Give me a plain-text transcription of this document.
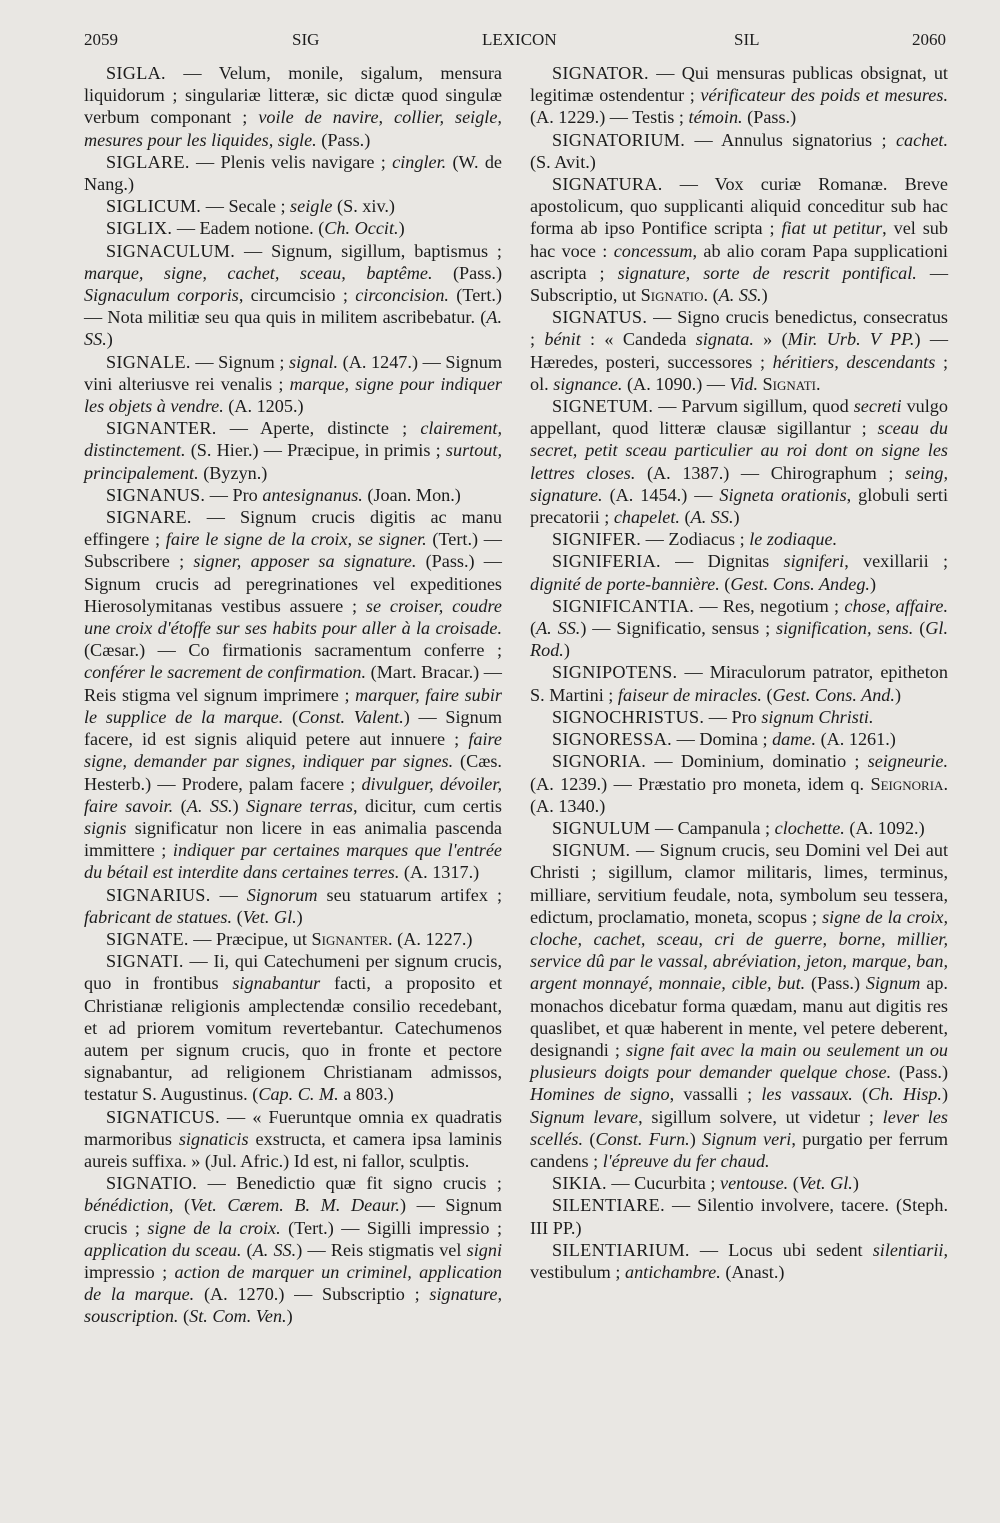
2059	SIG	LEXICON	SIL	2060

SIGLA. — Velum, monile, sigalum, mensura liquidorum ; singulariæ litteræ, sic dictæ quod singulæ verbum componant ; voile de navire, collier, seigle, mesures pour les liquides, sigle. (Pass.)

SIGLARE. — Plenis velis navigare ; cingler. (W. de Nang.)

SIGLICUM. — Secale ; seigle (S. xiv.)

SIGLIX. — Eadem notione. (Ch. Occit.)

SIGNACULUM. — Signum, sigillum, baptismus ; marque, signe, cachet, sceau, baptême. (Pass.) Signaculum corporis, circumcisio ; circoncision. (Tert.) — Nota militiæ seu qua quis in militem ascribebatur. (A. SS.)

SIGNALE. — Signum ; signal. (A. 1247.) — Signum vini alteriusve rei venalis ; marque, signe pour indiquer les objets à vendre. (A. 1205.)

SIGNANTER. — Aperte, distincte ; clairement, distinctement. (S. Hier.) — Præcipue, in primis ; surtout, principalement. (Byzyn.)

SIGNANUS. — Pro antesignanus. (Joan. Mon.)

SIGNARE. — Signum crucis digitis ac manu effingere ; faire le signe de la croix, se signer. (Tert.) — Subscribere ; signer, apposer sa signature. (Pass.) — Signum crucis ad peregrinationes vel expeditiones Hierosolymitanas vestibus assuere ; se croiser, coudre une croix d'étoffe sur ses habits pour aller à la croisade. (Cæsar.) — Co firmationis sacramentum conferre ; conférer le sacrement de confirmation. (Mart. Bracar.) — Reis stigma vel signum imprimere ; marquer, faire subir le supplice de la marque. (Const. Valent.) — Signum facere, id est signis aliquid petere aut innuere ; faire signe, demander par signes, indiquer par signes. (Cæs. Hesterb.) — Prodere, palam facere ; divulguer, dévoiler, faire savoir. (A. SS.) Signare terras, dicitur, cum certis signis significatur non licere in eas animalia pascenda immittere ; indiquer par certaines marques que l'entrée du bétail est interdite dans certaines terres. (A. 1317.)

SIGNARIUS. — Signorum seu statuarum artifex ; fabricant de statues. (Vet. Gl.)

SIGNATE. — Præcipue, ut Signanter. (A. 1227.)

SIGNATI. — Ii, qui Catechumeni per signum crucis, quo in frontibus signabantur facti, a proposito et Christianæ religionis amplectendæ consilio recedebant, et ad priorem vomitum revertebantur. Catechumenos autem per signum crucis, quo in fronte et pectore signabantur, ad religionem Christianam admissos, testatur S. Augustinus. (Cap. C. M. a 803.)

SIGNATICUS. — « Fueruntque omnia ex quadratis marmoribus signaticis exstructa, et camera ipsa laminis aureis suffixa. » (Jul. Afric.) Id est, ni fallor, sculptis.

SIGNATIO. — Benedictio quæ fit signo crucis ; bénédiction, (Vet. Cærem. B. M. Deaur.) — Signum crucis ; signe de la croix. (Tert.) — Sigilli impressio ; application du sceau. (A. SS.) — Reis stigmatis vel signi impressio ; action de marquer un criminel, application de la marque. (A. 1270.) — Subscriptio ; signature, souscription. (St. Com. Ven.)

SIGNATOR. — Qui mensuras publicas obsignat, ut legitimæ ostendentur ; vérificateur des poids et mesures. (A. 1229.) — Testis ; témoin. (Pass.)

SIGNATORIUM. — Annulus signatorius ; cachet. (S. Avit.)

SIGNATURA. — Vox curiæ Romanæ. Breve apostolicum, quo supplicanti aliquid conceditur sub hac forma ab ipso Pontifice scripta ; fiat ut petitur, vel sub hac voce : concessum, ab alio coram Papa supplicationi ascripta ; signature, sorte de rescrit pontifical. — Subscriptio, ut Signatio. (A. SS.)

SIGNATUS. — Signo crucis benedictus, consecratus ; bénit : « Candeda signata. » (Mir. Urb. V PP.) — Hæredes, posteri, successores ; héritiers, descendants ; ol. signance. (A. 1090.) — Vid. Signati.

SIGNETUM. — Parvum sigillum, quod secreti vulgo appellant, quod litteræ clausæ sigillantur ; sceau du secret, petit sceau particulier au roi dont on signe les lettres closes. (A. 1387.) — Chirographum ; seing, signature. (A. 1454.) — Signeta orationis, globuli serti precatorii ; chapelet. (A. SS.)

SIGNIFER. — Zodiacus ; le zodiaque.

SIGNIFERIA. — Dignitas signiferi, vexillarii ; dignité de porte-bannière. (Gest. Cons. Andeg.)

SIGNIFICANTIA. — Res, negotium ; chose, affaire. (A. SS.) — Significatio, sensus ; signification, sens. (Gl. Rod.)

SIGNIPOTENS. — Miraculorum patrator, epitheton S. Martini ; faiseur de miracles. (Gest. Cons. And.)

SIGNOCHRISTUS. — Pro signum Christi.

SIGNORESSA. — Domina ; dame. (A. 1261.)

SIGNORIA. — Dominium, dominatio ; seigneurie. (A. 1239.) — Præstatio pro moneta, idem q. Seignoria. (A. 1340.)

SIGNULUM — Campanula ; clochette. (A. 1092.)

SIGNUM. — Signum crucis, seu Domini vel Dei aut Christi ; sigillum, clamor militaris, limes, terminus, milliare, servitium feudale, nota, symbolum seu tessera, edictum, proclamatio, moneta, scopus ; signe de la croix, cloche, cachet, sceau, cri de guerre, borne, millier, service dû par le vassal, abréviation, jeton, marque, ban, argent monnayé, monnaie, cible, but. (Pass.) Signum ap. monachos dicebatur forma quædam, manu aut digitis res quaslibet, et quæ haberent in mente, vel petere deberent, designandi ; signe fait avec la main ou seulement un ou plusieurs doigts pour demander quelque chose. (Pass.) Homines de signo, vassalli ; les vassaux. (Ch. Hisp.) Signum levare, sigillum solvere, ut videtur ; lever les scellés. (Const. Furn.) Signum veri, purgatio per ferrum candens ; l'épreuve du fer chaud.

SIKIA. — Cucurbita ; ventouse. (Vet. Gl.)

SILENTIARE. — Silentio involvere, tacere. (Steph. III PP.)

SILENTIARIUM. — Locus ubi sedent silentiarii, vestibulum ; antichambre. (Anast.)
